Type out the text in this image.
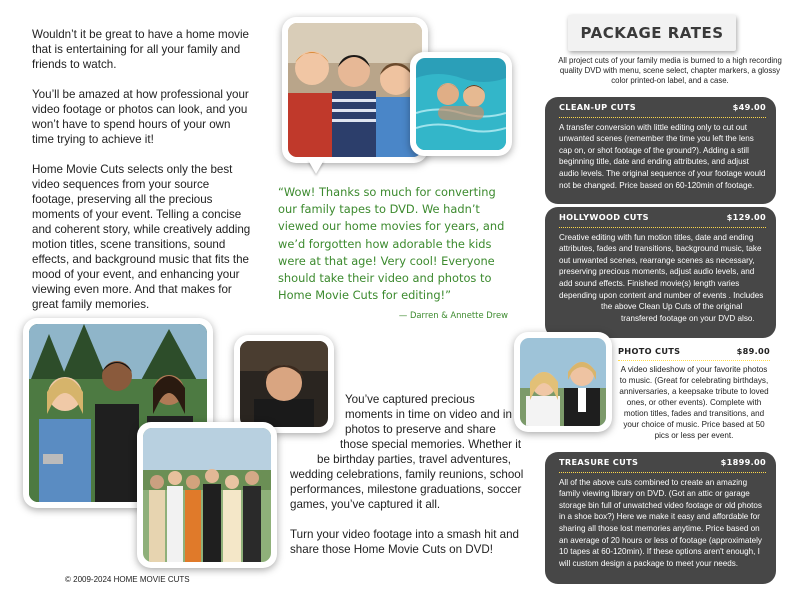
Wouldn’t it be great to have a home movie that is entertaining for all your family and friends to watch.

You’ll be amazed at how professional your video footage or photos can look, and you won’t have to spend hours of your own time trying to achieve it!

Home Movie Cuts selects only the best video sequences from your source footage, preserving all the precious moments of your event. Telling a concise and coherent story, while creatively adding motion titles, scene transitions, sound effects, and background music that fits the mood of your event, and enhancing your viewing even more. And that makes for great family memories.

“Wow! Thanks so much for converting our family tapes to DVD. We hadn’t viewed our home movies for years, and we’d forgotten how adorable the kids were at that age! Very cool! Everyone should take their video and photos to Home Movie Cuts for editing!”
— Darren & Annette Drew
You’ve captured precious
moments in time on video and in
photos to preserve and share
those special memories. Whether it
be birthday parties, travel adventures,
wedding celebrations, family reunions, school
performances, milestone graduations, soccer
games, you’ve captured it all.
Turn your video footage into a smash hit and
share those Home Movie Cuts on DVD!
© 2009-2024 HOME MOVIE CUTS
PACKAGE RATES
All project cuts of your family media is burned to a high recording quality DVD with menu, scene select, chapter markers, a glossy color printed-on label, and a case.
CLEAN-UP CUTS	$49.00
A transfer conversion with little editing only to cut out unwanted scenes (remember the time you left the lens cap on, or shot footage of the ground?). Adding a still beginning title, date and ending attributes, and adjust audio levels. The original sequence of your footage would not be changed. Price based on 60-120min of footage.
HOLLYWOOD CUTS	$129.00
Creative editing with fun motion titles, date and ending attributes, fades and transitions, background music, take out unwanted scenes, rearrange scenes as necessary, preserving precious moments, adjust audio levels, and add sound effects. Finished movie(s) length varies depending upon content and number of events . Includes
the above Clean Up Cuts of the original
transfered footage on your DVD also.
PHOTO CUTS	$89.00
A video slideshow of your favorite photos to music. (Great for celebrating birthdays, anniversaries, a keepsake tribute to loved ones, or other events). Complete with motion titles, fades and transitions, and your choice of music. Price based at 50 pics or less per event.
TREASURE CUTS	$1899.00
All of the above cuts combined to create an amazing family viewing library on DVD. (Got an attic or garage storage bin full of unwatched video footage or old photos in a shoe box?) Here we make it easy and affordable for sharing all those lost memories anytime. Price based on an average of 20 hours or less of footage (approximately 10 tapes at 60-120min). If these options aren't enough, I will custom design a package to meet your needs.
